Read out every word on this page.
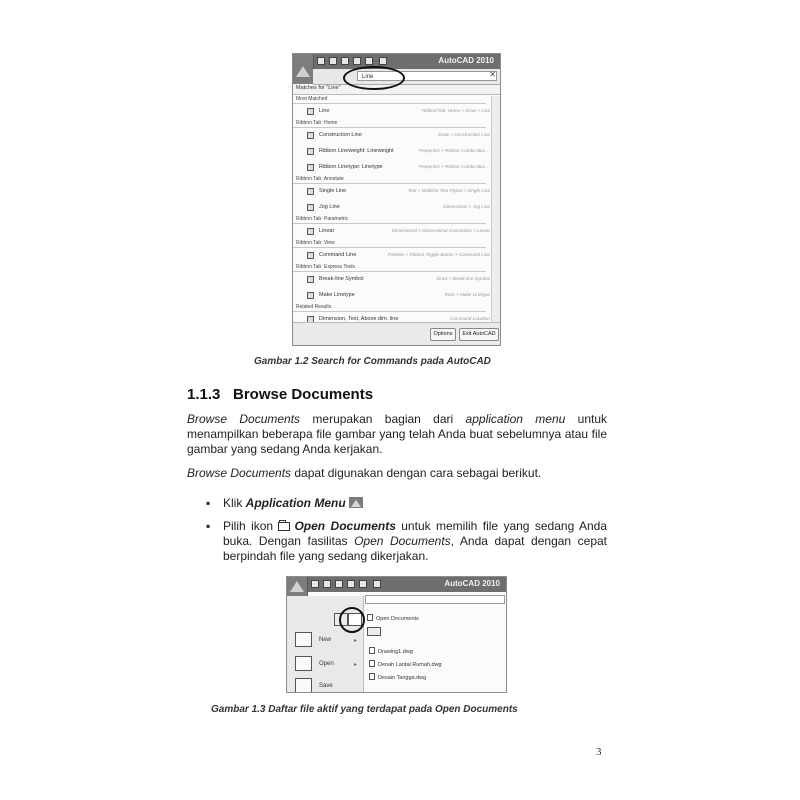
AutoCAD 2010
Line	✕
Matches for "Line"
Most Matched
Line	Ribbon/Tab: Home > Draw > Line
Ribbon Tab: Home
Construction Line	Draw > Construction Line
Ribbon Lineweight: Lineweight	Properties > Ribbon Combo Box ...
Ribbon Linetype: Linetype	Properties > Ribbon Combo Box ...
Ribbon Tab: Annotate
Single Line	Text > Multiline Text Flyout > Single Line
Jog Line	Dimensions > Jog Line
Ribbon Tab: Parametric
Linear	Dimensional > Dimensional Constraints > Linear
Ribbon Tab: View
Command Line	Palettes > Ribbon Toggle Button > Command Line
Ribbon Tab: Express Tools
Break-line Symbol	Draw > Break-line Symbol
Make Linetype	Tools > Make Linetype
Related Results
Dimension, Text, Above dim. line	Command Location
Options	Exit AutoCAD
Gambar 1.2 Search for Commands pada AutoCAD
1.1.3 Browse Documents

Browse Documents merupakan bagian dari application menu untuk menampilkan beberapa file gambar yang telah Anda buat sebelumnya atau file gambar yang sedang Anda kerjakan.

Browse Documents dapat digunakan dengan cara sebagai berikut.

▪ Klik Application Menu

▪ Pilih ikon Open Documents untuk memilih file yang sedang Anda buka. Dengan fasilitas Open Documents, Anda dapat dengan cepat berpindah file yang sedang dikerjakan.

AutoCAD 2010
New	▸
Open	▸
Save
Open Documents
Drawing1.dwg
Denah Lantai Rumah.dwg
Desain Tangga.dwg
Gambar 1.3 Daftar file aktif yang terdapat pada Open Documents
3
